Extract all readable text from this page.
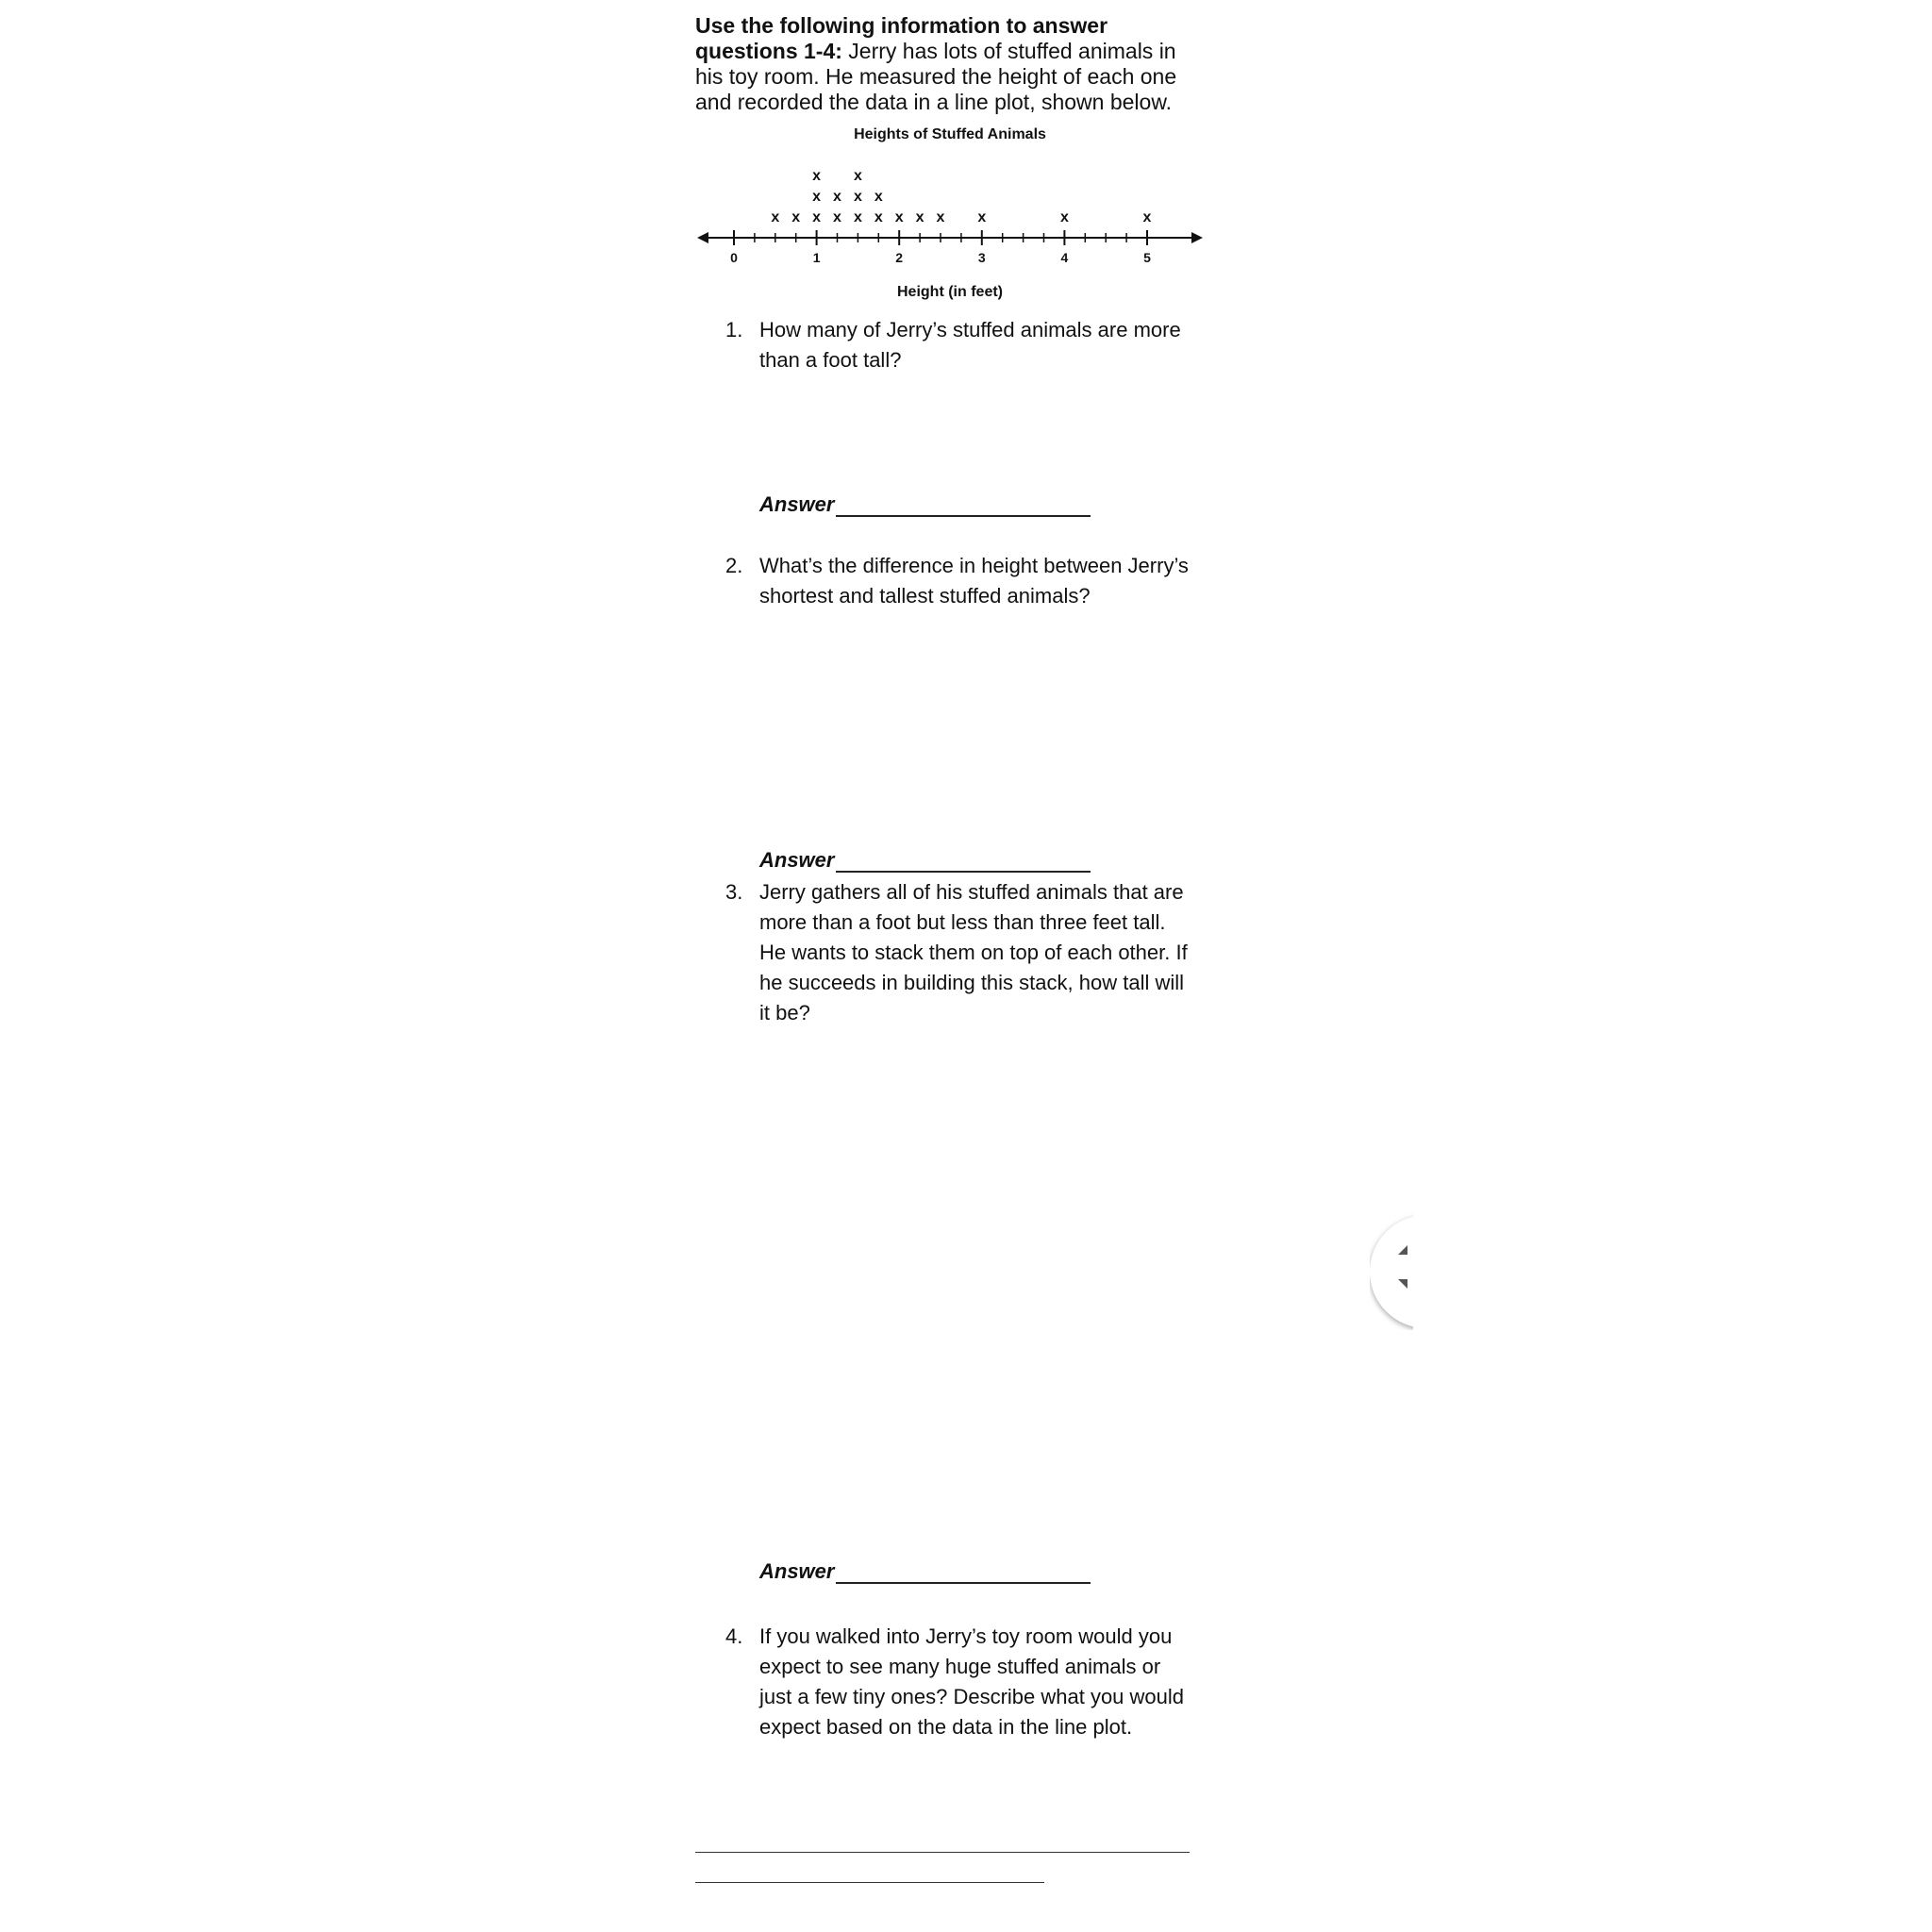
Use the following information to answer questions 1-4: Jerry has lots of stuffed animals in his toy room. He measured the height of each one and recorded the data in a line plot, shown below.
Heights of Stuffed Animals
0	1	2	3	4	5
x x x
x
x
x
x
x
x
x
x
x
x x x x	x	x
Height (in feet)
1. How many of Jerry’s stuffed animals are more than a foot tall?
Answer
2. What’s the difference in height between Jerry’s shortest and tallest stuffed animals?
Answer
3. Jerry gathers all of his stuffed animals that are more than a foot but less than three feet tall. He wants to stack them on top of each other. If he succeeds in building this stack, how tall will it be?
Answer
4. If you walked into Jerry’s toy room would you expect to see many huge stuffed animals or just a few tiny ones? Describe what you would expect based on the data in the line plot.
